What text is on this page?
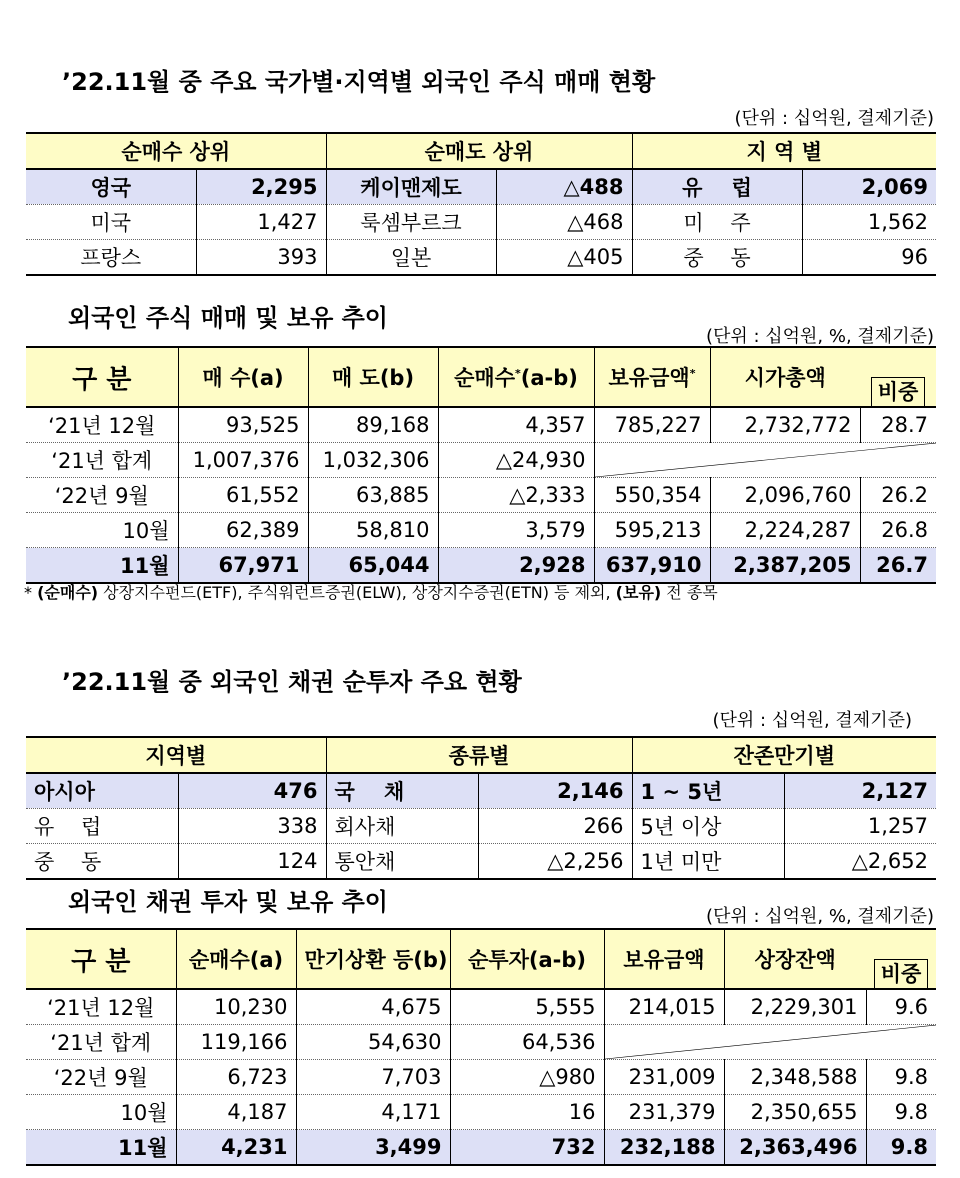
’22.11월 중 주요 국가별·지역별 외국인 주식 매매 현황
(단위 : 십억원, 결제기준)
순매수 상위		순매도 상위		지 역 별	
영국	2,295	케이맨제도	△488	유    럽	2,069
미국	1,427	룩셈부르크	△468	미    주	1,562
프랑스	393	일본	△405	중    동	96
외국인 주식 매매 및 보유 추이
(단위 : 십억원, %, 결제기준)
구 분	매 수(a)	매 도(b)	순매수*(a-b)	보유금액*	시가총액	비중
‘21년 12월	93,525	89,168	4,357	785,227	2,732,772	28.7
‘21년 합계	1,007,376	1,032,306	△24,930	

‘22년 9월	61,552	63,885	△2,333	550,354	2,096,760	26.2
10월	62,389	58,810	3,579	595,213	2,224,287	26.8
11월	67,971	65,044	2,928	637,910	2,387,205	26.7
* (순매수) 상장지수펀드(ETF), 주식워런트증권(ELW), 상장지수증권(ETN) 등 제외, (보유) 전 종목
’22.11월 중 외국인 채권 순투자 주요 현황
(단위 : 십억원, 결제기준)
지역별		종류별		잔존만기별	
아시아	476	국    채	2,146	1 ~ 5년	2,127
유    럽	338	회사채	266	5년 이상	1,257
중    동	124	통안채	△2,256	1년 미만	△2,652
외국인 채권 투자 및 보유 추이
(단위 : 십억원, %, 결제기준)
구 분	순매수(a)	만기상환 등(b)	순투자(a-b)	보유금액	상장잔액	비중
‘21년 12월	10,230	4,675	5,555	214,015	2,229,301	9.6
‘21년 합계	119,166	54,630	64,536	

‘22년 9월	6,723	7,703	△980	231,009	2,348,588	9.8
10월	4,187	4,171	16	231,379	2,350,655	9.8
11월	4,231	3,499	732	232,188	2,363,496	9.8
